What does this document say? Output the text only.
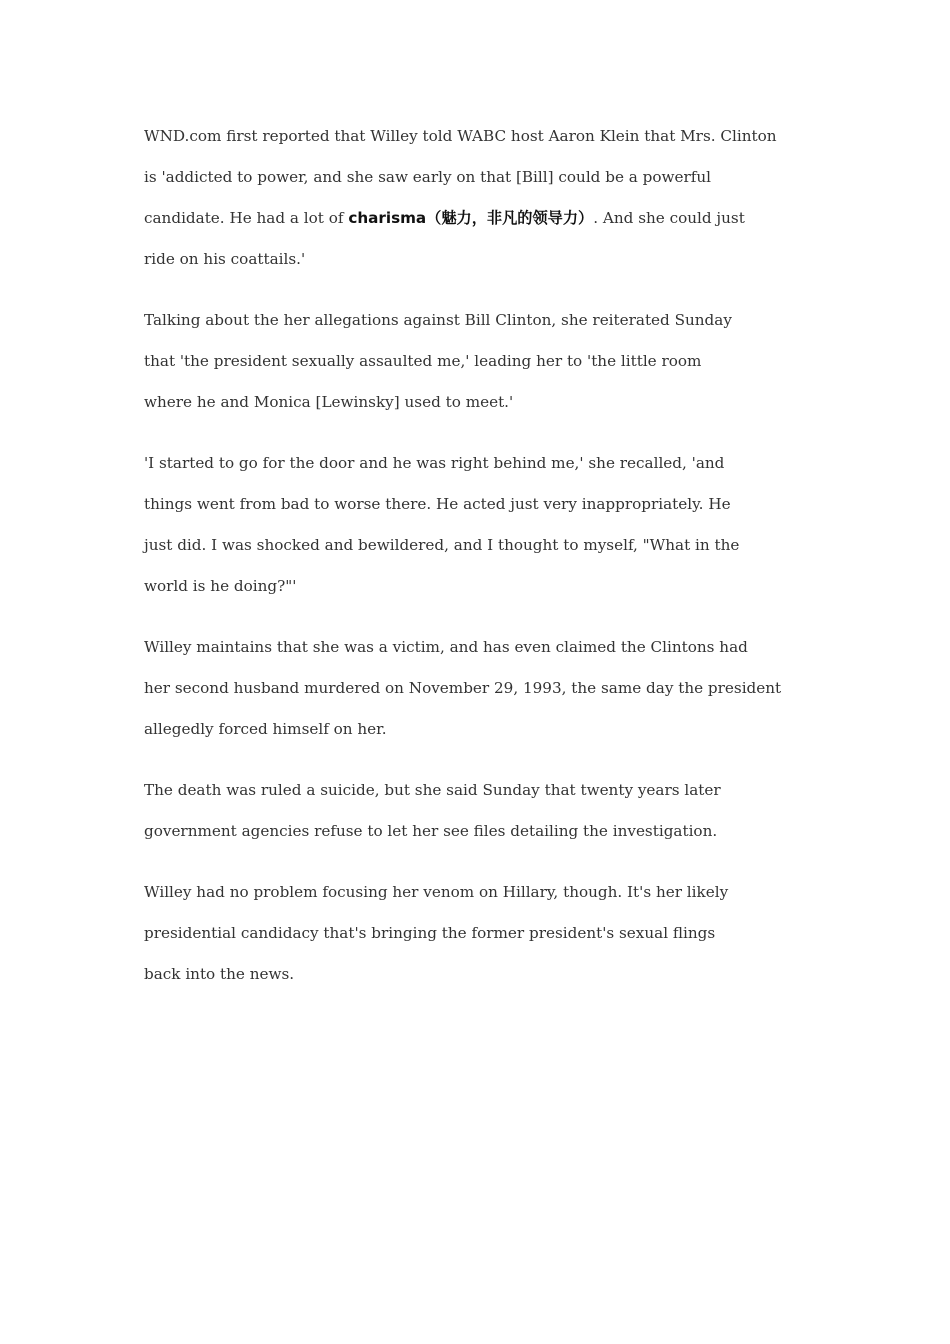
WND.com first reported that Willey told WABC host Aaron Klein that Mrs. Clinton
is 'addicted to power, and she saw early on that [Bill] could be a powerful
candidate. He had a lot of charisma（魅力，非凡的领导力）. And she could just
ride on his coattails.'

Talking about the her allegations against Bill Clinton, she reiterated Sunday
that 'the president sexually assaulted me,' leading her to 'the little room
where he and Monica [Lewinsky] used to meet.'

'I started to go for the door and he was right behind me,' she recalled, 'and
things went from bad to worse there. He acted just very inappropriately. He
just did. I was shocked and bewildered, and I thought to myself, "What in the
world is he doing?"'

Willey maintains that she was a victim, and has even claimed the Clintons had
her second husband murdered on November 29, 1993, the same day the president
allegedly forced himself on her.

The death was ruled a suicide, but she said Sunday that twenty years later
government agencies refuse to let her see files detailing the investigation.

Willey had no problem focusing her venom on Hillary, though. It's her likely
presidential candidacy that's bringing the former president's sexual flings
back into the news.
